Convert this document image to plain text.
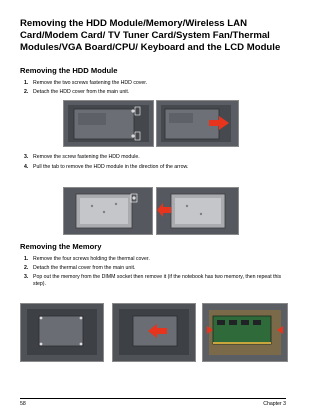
Removing the HDD Module/Memory/Wireless LAN Card/Modem Card/ TV Tuner Card/System Fan/Thermal Modules/VGA Board/CPU/ Keyboard and the LCD Module
Removing the HDD Module
1. Remove the two screws fastening the HDD cover.
2. Detach the HDD cover from the main unit.
3. Remove the screw fastening the HDD module.
4. Pull the tab to remove the HDD module in the direction of the arrow.
Removing the Memory
1. Remove the four screws holding the thermal cover.
2. Detach the thermal cover from the main unit.
3. Pop out the memory from the DIMM socket then remove it (if the notebook has two memory, then repeat this step).
58	Chapter 3
